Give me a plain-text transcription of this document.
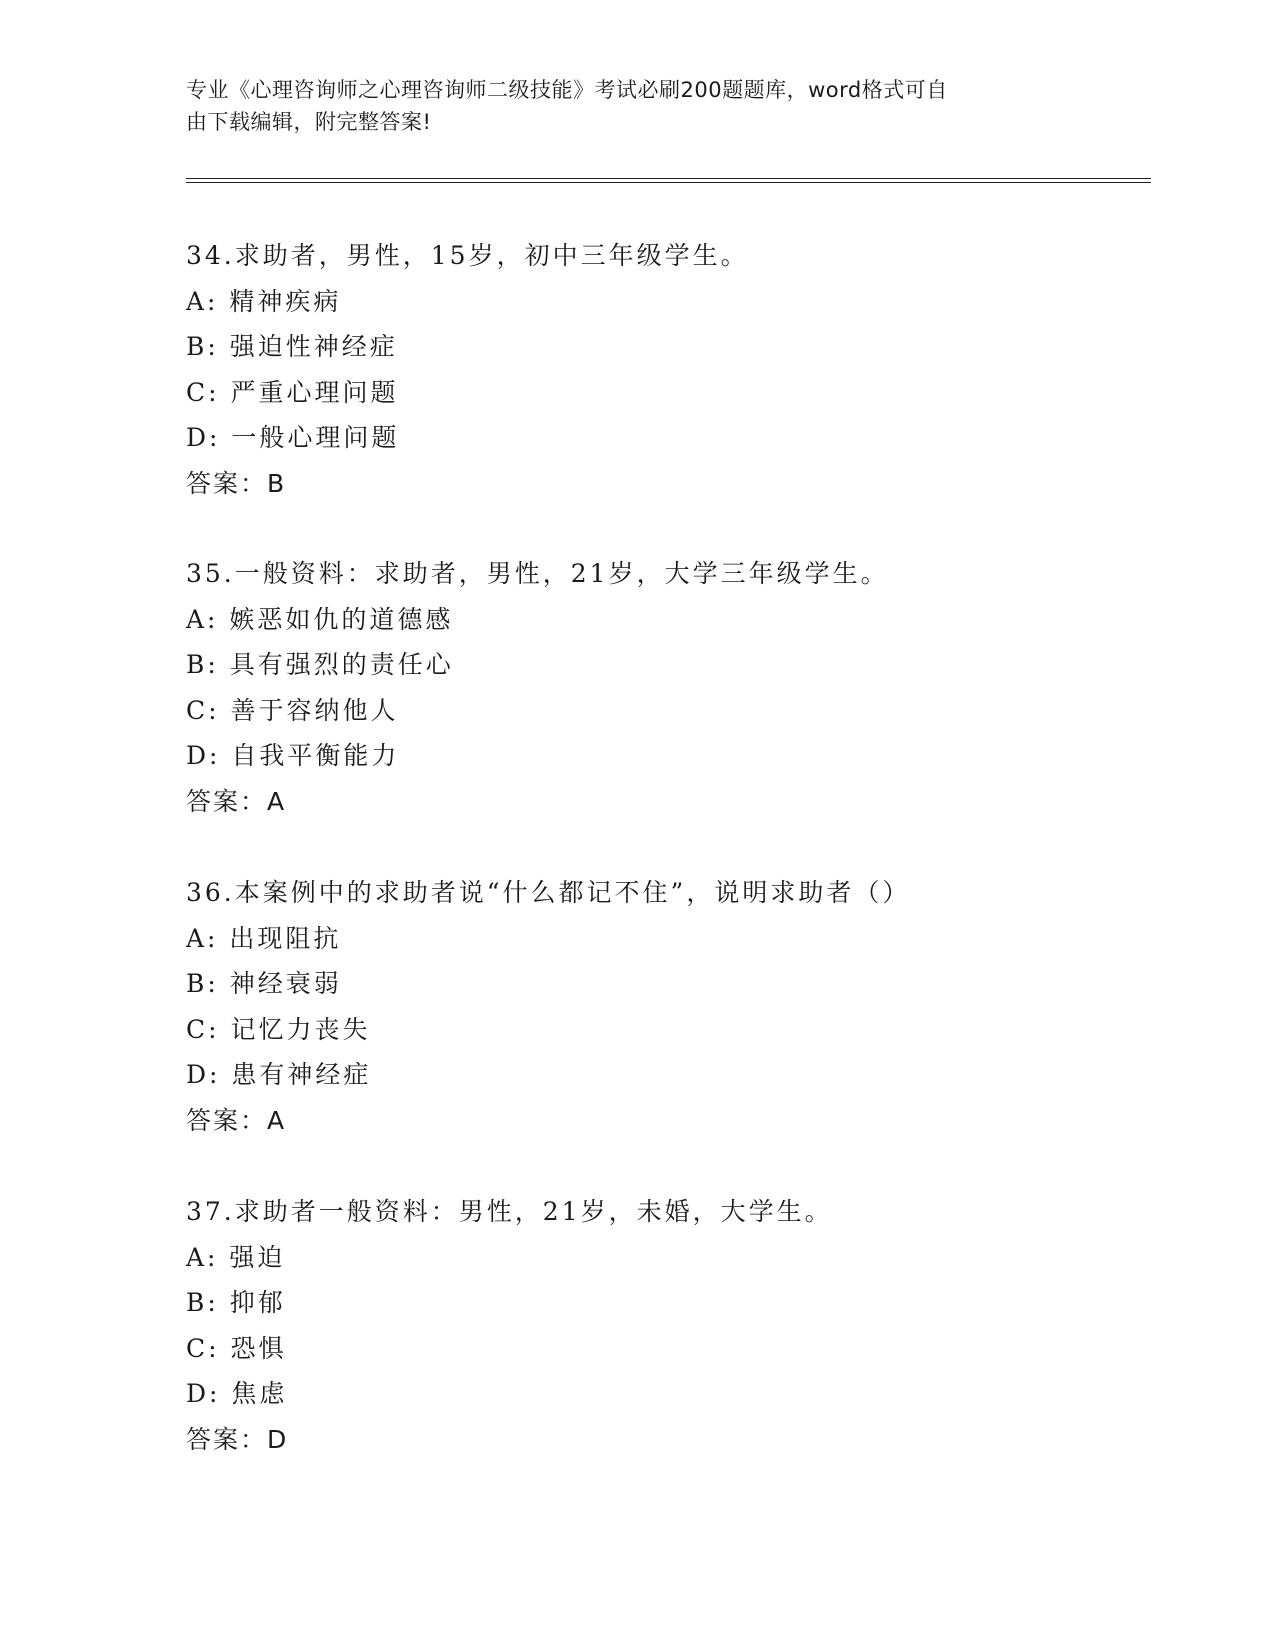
专业《心理咨询师之心理咨询师二级技能》考试必刷200题题库，word格式可自
由下载编辑，附完整答案!
34.求助者，男性，15岁，初中三年级学生。
A: 精神疾病
B: 强迫性神经症
C: 严重心理问题
D: 一般心理问题
答案：B
35.一般资料：求助者，男性，21岁，大学三年级学生。
A: 嫉恶如仇的道德感
B: 具有强烈的责任心
C: 善于容纳他人
D: 自我平衡能力
答案：A
36.本案例中的求助者说“什么都记不住”，说明求助者（）
A: 出现阻抗
B: 神经衰弱
C: 记忆力丧失
D: 患有神经症
答案：A
37.求助者一般资料：男性，21岁，未婚，大学生。
A: 强迫
B: 抑郁
C: 恐惧
D: 焦虑
答案：D
